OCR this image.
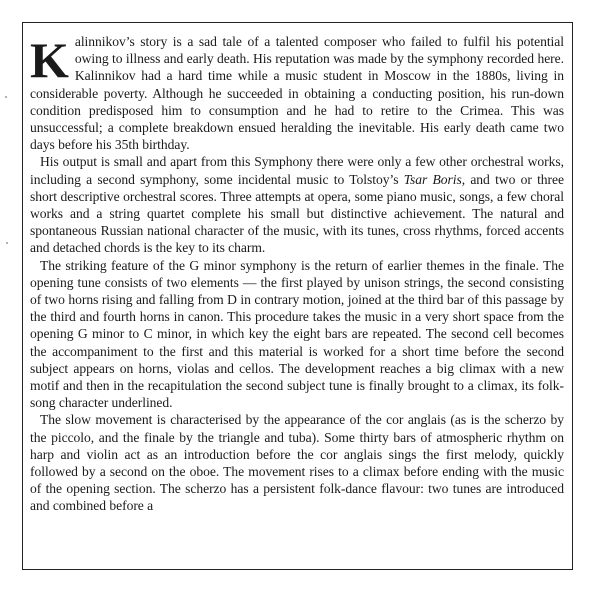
Kalinnikov’s story is a sad tale of a talented composer who failed to fulfil his potential owing to illness and early death. His reputation was made by the symphony recorded here. Kalinnikov had a hard time while a music student in Moscow in the 1880s, living in considerable poverty. Although he succeeded in obtaining a conducting position, his run-down condition predisposed him to consumption and he had to retire to the Crimea. This was unsuccessful; a complete breakdown ensued heralding the inevitable. His early death came two days before his 35th birthday.

His output is small and apart from this Symphony there were only a few other orchestral works, including a second symphony, some incidental music to Tolstoy’s Tsar Boris, and two or three short descriptive orchestral scores. Three attempts at opera, some piano music, songs, a few choral works and a string quartet complete his small but distinctive achievement. The natural and spontaneous Russian national character of the music, with its tunes, cross rhythms, forced accents and detached chords is the key to its charm.

The striking feature of the G minor symphony is the return of earlier themes in the finale. The opening tune consists of two elements — the first played by unison strings, the second consisting of two horns rising and falling from D in contrary motion, joined at the third bar of this passage by the third and fourth horns in canon. This procedure takes the music in a very short space from the opening G minor to C minor, in which key the eight bars are repeated. The second cell becomes the accompaniment to the first and this material is worked for a short time before the second subject appears on horns, violas and cellos. The development reaches a big climax with a new motif and then in the recapitulation the second subject tune is finally brought to a climax, its folk-song character underlined.

The slow movement is characterised by the appearance of the cor anglais (as is the scherzo by the piccolo, and the finale by the triangle and tuba). Some thirty bars of atmospheric rhythm on harp and violin act as an introduction before the cor anglais sings the first melody, quickly followed by a second on the oboe. The movement rises to a climax before ending with the music of the opening section. The scherzo has a persistent folk-dance flavour: two tunes are introduced and combined before a
